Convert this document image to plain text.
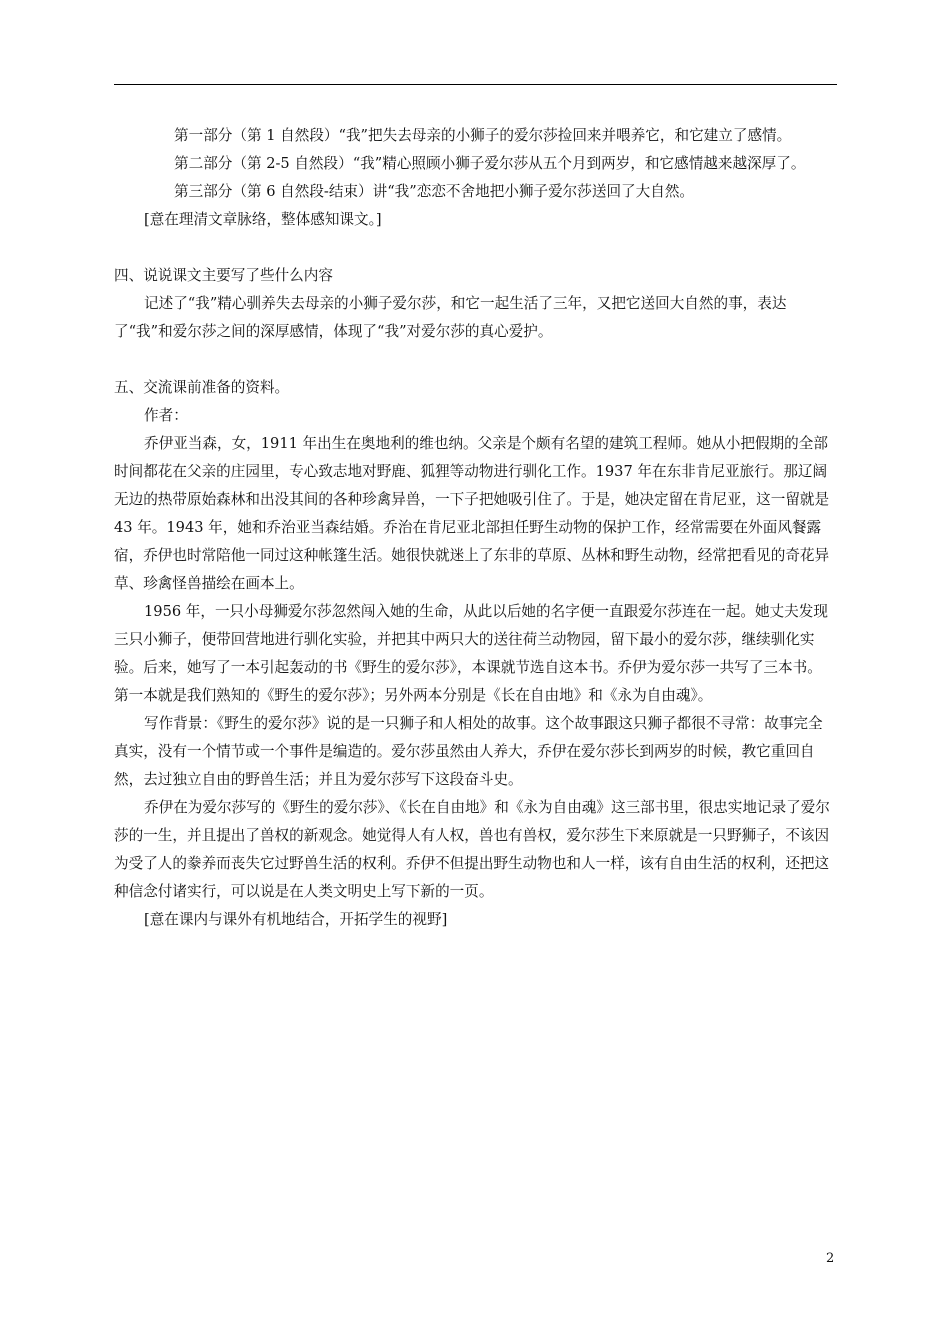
第一部分（第 1 自然段）“我”把失去母亲的小狮子的爱尔莎捡回来并喂养它，和它建立了感情。

第二部分（第 2-5 自然段）“我”精心照顾小狮子爱尔莎从五个月到两岁，和它感情越来越深厚了。

第三部分（第 6 自然段-结束）讲“我”恋恋不舍地把小狮子爱尔莎送回了大自然。

[意在理清文章脉络，整体感知课文。]

四、说说课文主要写了些什么内容

记述了“我”精心驯养失去母亲的小狮子爱尔莎，和它一起生活了三年，又把它送回大自然的事，表达了“我”和爱尔莎之间的深厚感情，体现了“我”对爱尔莎的真心爱护。

五、交流课前准备的资料。

作者：

乔伊亚当森，女，1911 年出生在奥地利的维也纳。父亲是个颇有名望的建筑工程师。她从小把假期的全部时间都花在父亲的庄园里，专心致志地对野鹿、狐狸等动物进行驯化工作。1937 年在东非肯尼亚旅行。那辽阔无边的热带原始森林和出没其间的各种珍禽异兽，一下子把她吸引住了。于是，她决定留在肯尼亚，这一留就是 43 年。1943 年，她和乔治亚当森结婚。乔治在肯尼亚北部担任野生动物的保护工作，经常需要在外面风餐露宿，乔伊也时常陪他一同过这种帐篷生活。她很快就迷上了东非的草原、丛林和野生动物，经常把看见的奇花异草、珍禽怪兽描绘在画本上。

1956 年，一只小母狮爱尔莎忽然闯入她的生命，从此以后她的名字便一直跟爱尔莎连在一起。她丈夫发现三只小狮子，便带回营地进行驯化实验，并把其中两只大的送往荷兰动物园，留下最小的爱尔莎，继续驯化实验。后来，她写了一本引起轰动的书《野生的爱尔莎》，本课就节选自这本书。乔伊为爱尔莎一共写了三本书。第一本就是我们熟知的《野生的爱尔莎》；另外两本分别是《长在自由地》和《永为自由魂》。

写作背景：《野生的爱尔莎》说的是一只狮子和人相处的故事。这个故事跟这只狮子都很不寻常：故事完全真实，没有一个情节或一个事件是编造的。爱尔莎虽然由人养大，乔伊在爱尔莎长到两岁的时候，教它重回自然，去过独立自由的野兽生活；并且为爱尔莎写下这段奋斗史。

乔伊在为爱尔莎写的《野生的爱尔莎》、《长在自由地》和《永为自由魂》这三部书里，很忠实地记录了爱尔莎的一生，并且提出了兽权的新观念。她觉得人有人权，兽也有兽权，爱尔莎生下来原就是一只野狮子，不该因为受了人的豢养而丧失它过野兽生活的权利。乔伊不但提出野生动物也和人一样，该有自由生活的权利，还把这种信念付诸实行，可以说是在人类文明史上写下新的一页。

[意在课内与课外有机地结合，开拓学生的视野]

2
